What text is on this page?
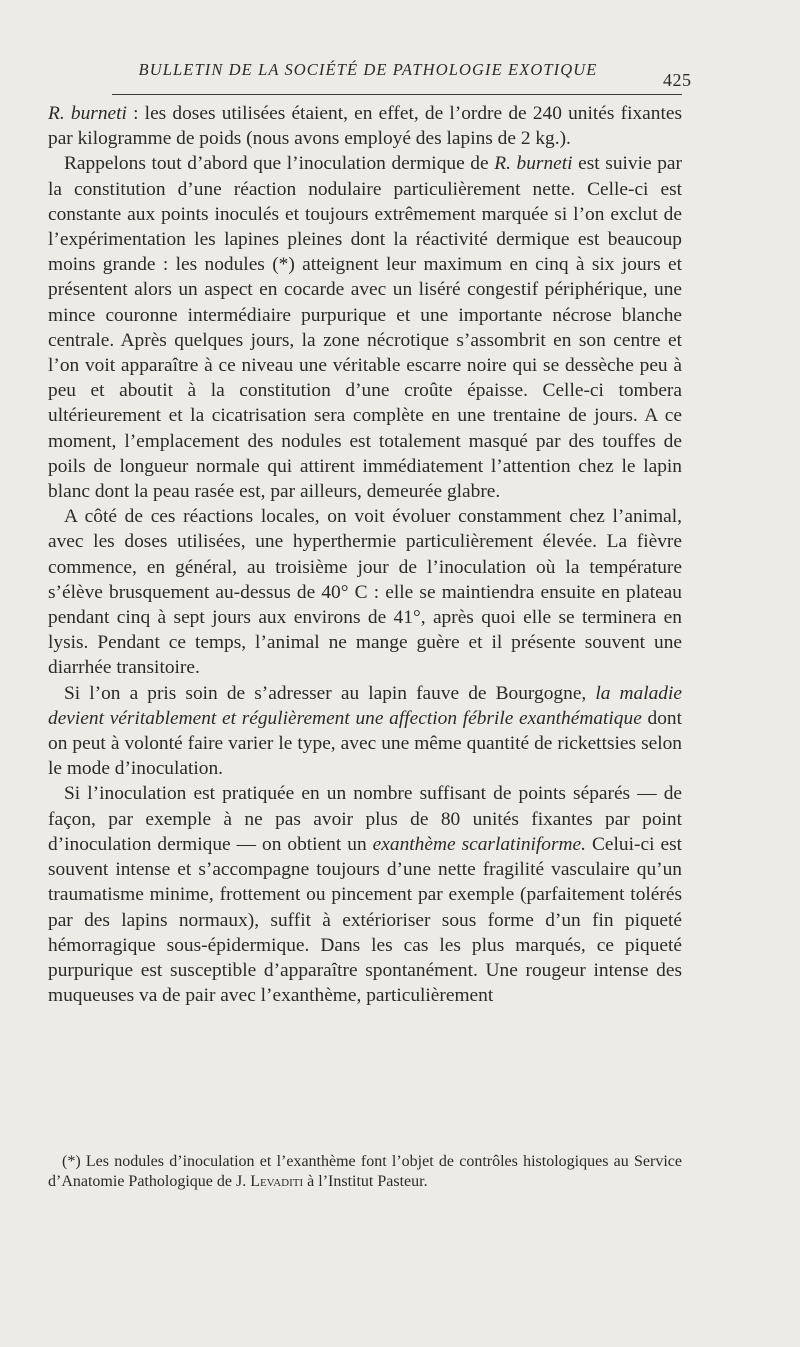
BULLETIN DE LA SOCIÉTÉ DE PATHOLOGIE EXOTIQUE
425

R. burneti : les doses utilisées étaient, en effet, de l’ordre de 240 unités fixantes par kilogramme de poids (nous avons employé des lapins de 2 kg.).

Rappelons tout d’abord que l’inoculation dermique de R. burneti est suivie par la constitution d’une réaction nodulaire particulièrement nette. Celle-ci est constante aux points inoculés et toujours extrêmement marquée si l’on exclut de l’expérimentation les lapines pleines dont la réactivité dermique est beaucoup moins grande : les nodules (*) atteignent leur maximum en cinq à six jours et présentent alors un aspect en cocarde avec un liséré congestif périphérique, une mince couronne intermédiaire purpurique et une importante nécrose blanche centrale. Après quelques jours, la zone nécrotique s’assombrit en son centre et l’on voit apparaître à ce niveau une véritable escarre noire qui se dessèche peu à peu et aboutit à la constitution d’une croûte épaisse. Celle-ci tombera ultérieurement et la cicatrisation sera complète en une trentaine de jours. A ce moment, l’emplacement des nodules est totalement masqué par des touffes de poils de longueur normale qui attirent immédiatement l’attention chez le lapin blanc dont la peau rasée est, par ailleurs, demeurée glabre.

A côté de ces réactions locales, on voit évoluer constamment chez l’animal, avec les doses utilisées, une hyperthermie particulièrement élevée. La fièvre commence, en général, au troisième jour de l’inoculation où la température s’élève brusquement au-dessus de 40° C : elle se maintiendra ensuite en plateau pendant cinq à sept jours aux environs de 41°, après quoi elle se terminera en lysis. Pendant ce temps, l’animal ne mange guère et il présente souvent une diarrhée transitoire.

Si l’on a pris soin de s’adresser au lapin fauve de Bourgogne, la maladie devient véritablement et régulièrement une affection fébrile exanthématique dont on peut à volonté faire varier le type, avec une même quantité de rickettsies selon le mode d’inoculation.

Si l’inoculation est pratiquée en un nombre suffisant de points séparés — de façon, par exemple à ne pas avoir plus de 80 unités fixantes par point d’inoculation dermique — on obtient un exanthème scarlatiniforme. Celui-ci est souvent intense et s’accompagne toujours d’une nette fragilité vasculaire qu’un traumatisme minime, frottement ou pincement par exemple (parfaitement tolérés par des lapins normaux), suffit à extérioriser sous forme d’un fin piqueté hémorragique sous-épidermique. Dans les cas les plus marqués, ce piqueté purpurique est susceptible d’apparaître spontanément. Une rougeur intense des muqueuses va de pair avec l’exanthème, particulièrement

(*) Les nodules d’inoculation et l’exanthème font l’objet de contrôles histologiques au Service d’Anatomie Pathologique de J. Levaditi à l’Institut Pasteur.
